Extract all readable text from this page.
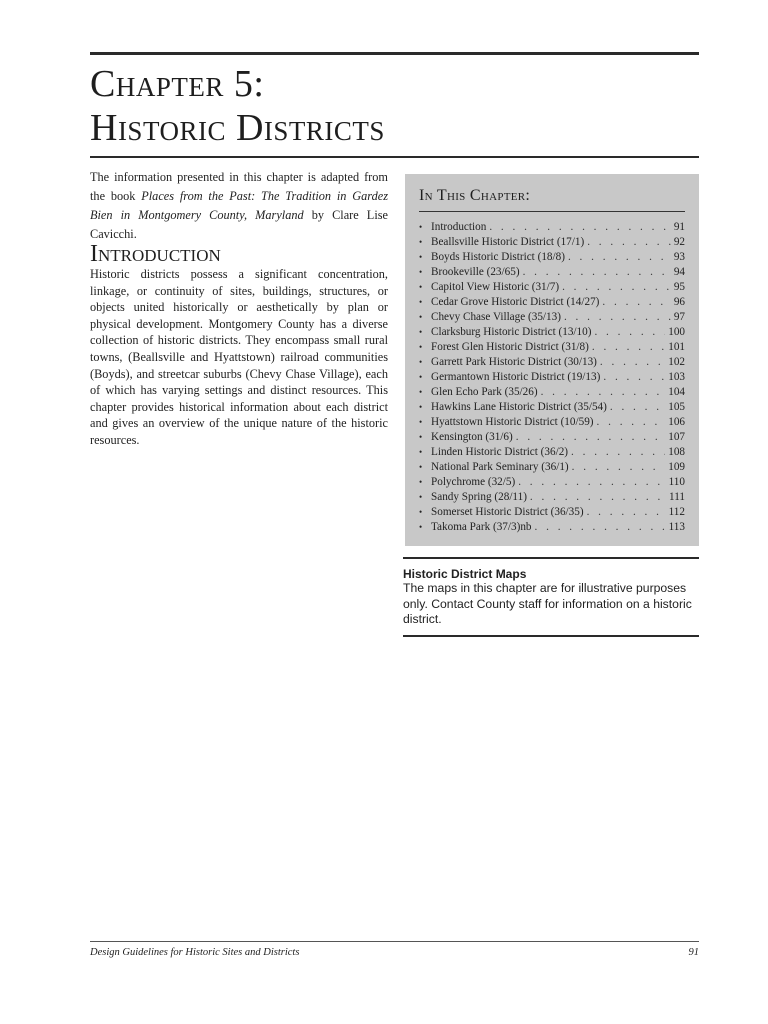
Chapter 5:
Historic Districts

The information presented in this chapter is adapted from the book Places from the Past: The Tradition in Gardez Bien in Montgomery County, Maryland by Clare Lise Cavicchi.

Introduction

Historic districts possess a significant concentration, linkage, or continuity of sites, buildings, structures, or objects united historically or aesthetically by plan or physical development. Montgomery County has a diverse collection of historic districts. They encompass small rural towns, (Beallsville and Hyattstown) railroad communities (Boyds), and streetcar suburbs (Chevy Chase Village), each of which has varying settings and distinct resources. This chapter provides historical information about each district and gives an overview of the unique nature of the historic resources.

In This Chapter:
• Introduction . . .	91
• Beallsville Historic District (17/1) . . .	92
• Boyds Historic District (18/8) . . .	93
• Brookeville (23/65) . . .	94
• Capitol View Historic (31/7) . . .	95
• Cedar Grove Historic District (14/27) . . .	96
• Chevy Chase Village (35/13) . . .	97
• Clarksburg Historic District (13/10) . . .	100
• Forest Glen Historic District (31/8) . . .	101
• Garrett Park Historic District (30/13) . . .	102
• Germantown Historic District (19/13) . . .	103
• Glen Echo Park (35/26) . . .	104
• Hawkins Lane Historic District (35/54) . . .	105
• Hyattstown Historic District (10/59) . . .	106
• Kensington (31/6) . . .	107
• Linden Historic District (36/2) . . .	108
• National Park Seminary (36/1) . . .	109
• Polychrome (32/5) . . .	110
• Sandy Spring (28/11) . . .	111
• Somerset Historic District (36/35) . . .	112
• Takoma Park (37/3)nb . . .	113

Historic District Maps

The maps in this chapter are for illustrative purposes only. Contact County staff for information on a historic district.

Design Guidelines for Historic Sites and Districts	91
